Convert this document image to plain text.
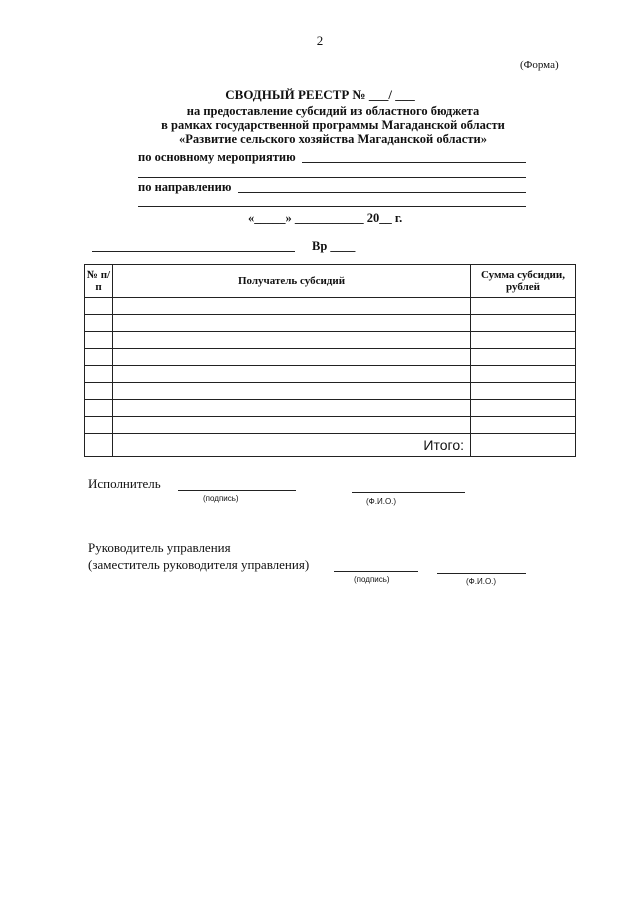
2
(Форма)
СВОДНЫЙ РЕЕСТР № ___/ ___
на предоставление субсидий из областного бюджета
в рамках государственной программы Магаданской области
«Развитие сельского хозяйства Магаданской области»
по основному мероприятию
по направлению
«_____» ___________ 20__ г.
Вр ____
№ п/п	Получатель субсидий	Сумма субсидии, рублей

	Итого:	
Исполнитель
(подпись)	(Ф.И.О.)
Руководитель управления
(заместитель руководителя управления)
(подпись)	(Ф.И.О.)
